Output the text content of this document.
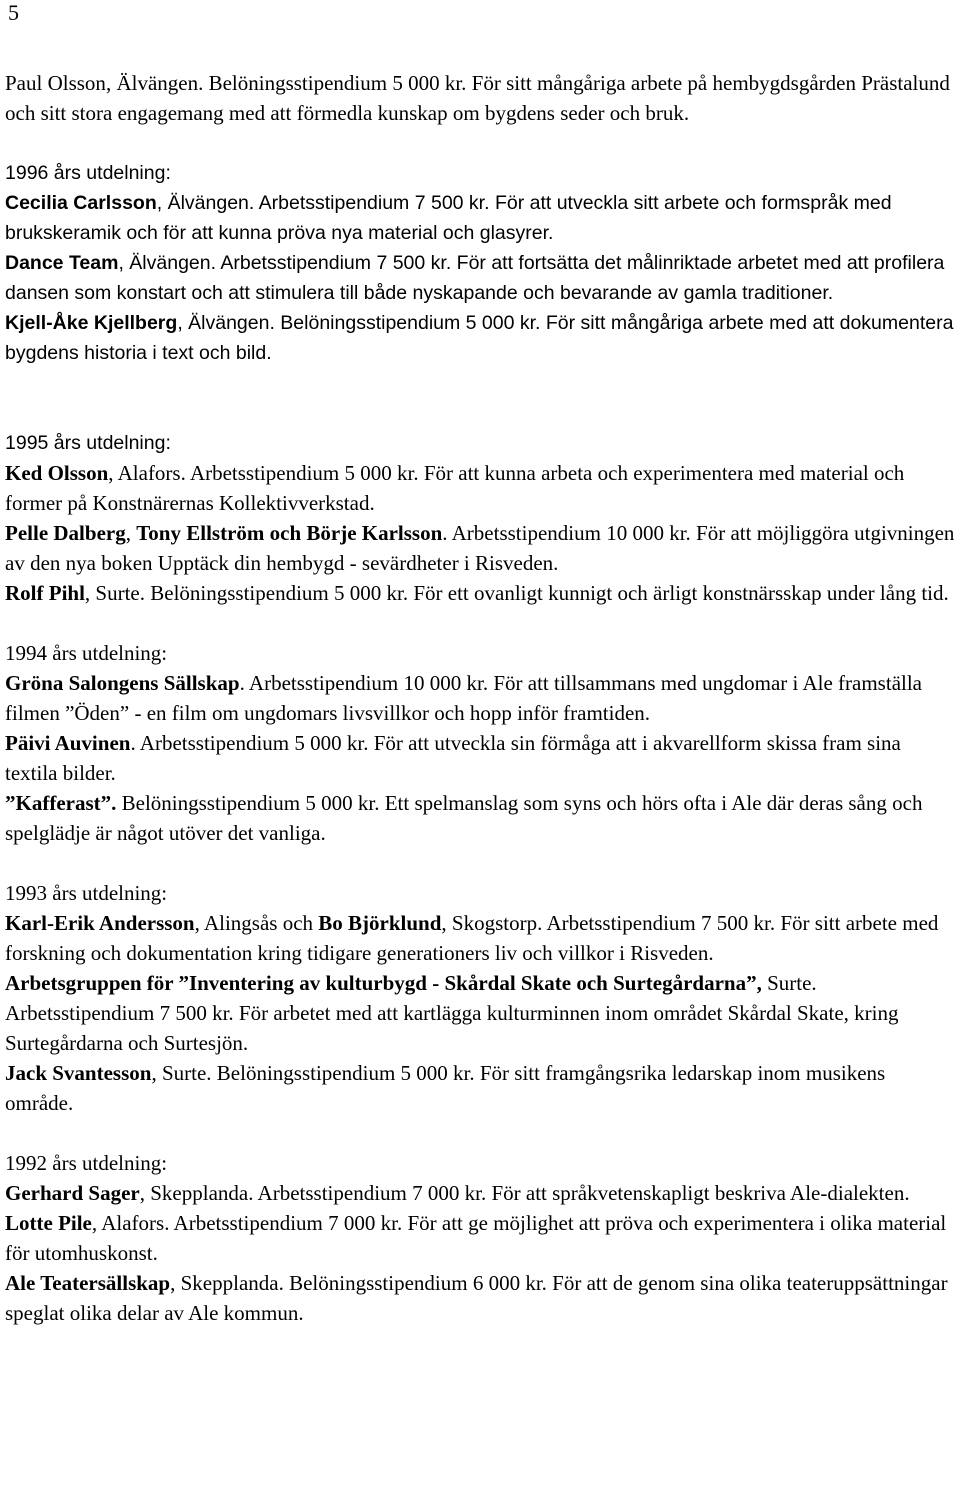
5

Paul Olsson, Älvängen. Belöningsstipendium 5 000 kr. För sitt mångåriga arbete på hembygdsgården Prästalund och sitt stora engagemang med att förmedla kunskap om bygdens seder och bruk.

1996 års utdelning:

Cecilia Carlsson, Älvängen. Arbetsstipendium 7 500 kr. För att utveckla sitt arbete och formspråk med brukskeramik och för att kunna pröva nya material och glasyrer.

Dance Team, Älvängen. Arbetsstipendium 7 500 kr. För att fortsätta det målinriktade arbetet med att profilera dansen som konstart och att stimulera till både nyskapande och bevarande av gamla traditioner.

Kjell-Åke Kjellberg, Älvängen. Belöningsstipendium 5 000 kr. För sitt mångåriga arbete med att dokumentera bygdens historia i text och bild.

1995 års utdelning:

Ked Olsson, Alafors. Arbetsstipendium 5 000 kr. För att kunna arbeta och experimentera med material och former på Konstnärernas Kollektivverkstad.

Pelle Dalberg, Tony Ellström och Börje Karlsson. Arbetsstipendium 10 000 kr. För att möjliggöra utgivningen av den nya boken Upptäck din hembygd - sevärdheter i Risveden.

Rolf Pihl, Surte. Belöningsstipendium 5 000 kr. För ett ovanligt kunnigt och ärligt konstnärsskap under lång tid.

1994 års utdelning:

Gröna Salongens Sällskap. Arbetsstipendium 10 000 kr. För att tillsammans med ungdomar i Ale framställa filmen ”Öden” - en film om ungdomars livsvillkor och hopp inför framtiden.

Päivi Auvinen. Arbetsstipendium 5 000 kr. För att utveckla sin förmåga att i akvarellform skissa fram sina textila bilder.

”Kafferast”. Belöningsstipendium 5 000 kr. Ett spelmanslag som syns och hörs ofta i Ale där deras sång och spelglädje är något utöver det vanliga.

1993 års utdelning:

Karl-Erik Andersson, Alingsås och Bo Björklund, Skogstorp. Arbetsstipendium 7 500 kr. För sitt arbete med forskning och dokumentation kring tidigare generationers liv och villkor i Risveden.

Arbetsgruppen för ”Inventering av kulturbygd - Skårdal Skate och Surtegårdarna”, Surte. Arbetsstipendium 7 500 kr. För arbetet med att kartlägga kulturminnen inom området Skårdal Skate, kring Surtegårdarna och Surtesjön.

Jack Svantesson, Surte. Belöningsstipendium 5 000 kr. För sitt framgångsrika ledarskap inom musikens område.

1992 års utdelning:

Gerhard Sager, Skepplanda. Arbetsstipendium 7 000 kr. För att språkvetenskapligt beskriva Ale-dialekten.

Lotte Pile, Alafors. Arbetsstipendium 7 000 kr. För att ge möjlighet att pröva och experimentera i olika material för utomhuskonst.

Ale Teatersällskap, Skepplanda. Belöningsstipendium 6 000 kr. För att de genom sina olika teateruppsättningar speglat olika delar av Ale kommun.
